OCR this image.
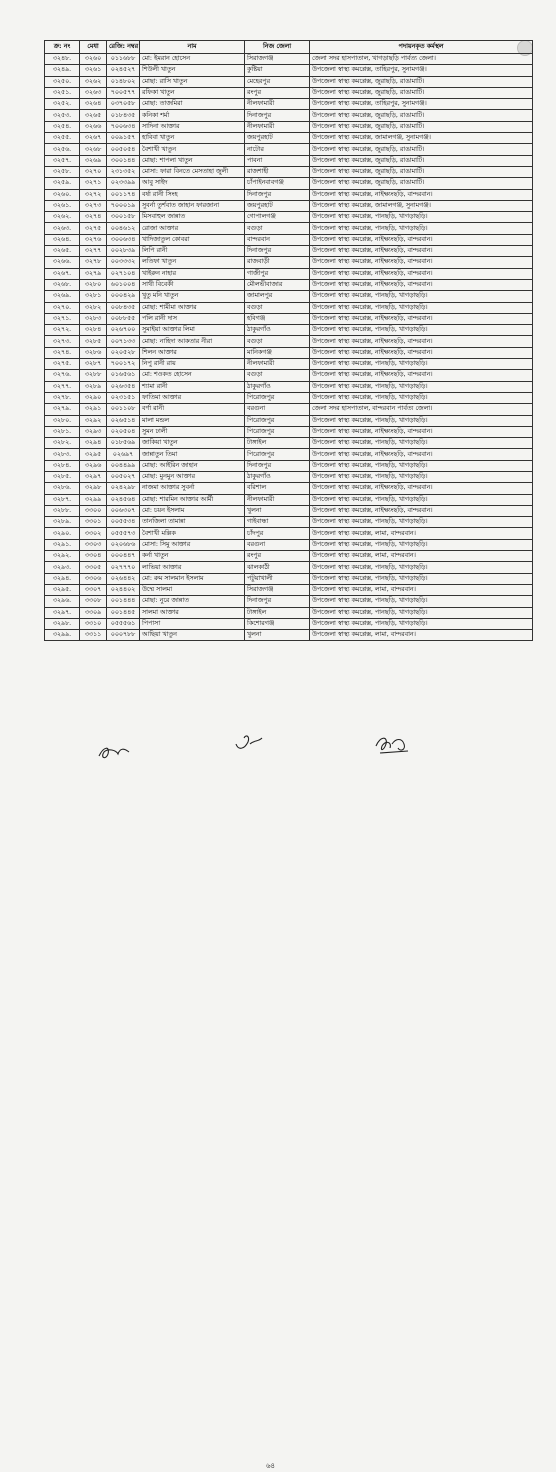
ক্র: নং	মেধা	রেজি: নম্বর	নাম	নিজ জেলা	পদায়নকৃত কর্মস্থল
৩২৪৮.	৩২৬০	০১১৬৮৮	মো: ইমরান হোসেন	সিরাজগঞ্জ	জেলা সদর হাসপাতাল, খাগড়াছড়ি পার্বত্য জেলা।
৩২৪৯.	৩২৬১	০২৪৫২৭	শিউলী খাতুন	কুষ্টিয়া	উপজেলা স্বাস্থ্য কমপ্লেক্স, তাহিরপুর, সুনামগঞ্জ।
৩২৫০.	৩২৬২	০১৪৮০২	মোছা: রাসি খাতুন	মেহেরপুর	উপজেলা স্বাস্থ্য কমপ্লেক্স, জুরাছড়ি, রাঙামাটি।
৩২৫১.	৩২৬৩	৭০০৫৭৭	রফিকা খাতুন	রংপুর	উপজেলা স্বাস্থ্য কমপ্লেক্স, জুরাছড়ি, রাঙামাটি।
৩২৫২.	৩২৬৪	০৩৭০৫৮	মোছা: তাজমিরা	নীলফামারী	উপজেলা স্বাস্থ্য কমপ্লেক্স, তাহিরপুর, সুনামগঞ্জ।
৩২৫৩.	৩২৬৫	০১৮৪৩৫	কনিকা শর্মা	দিনাজপুর	উপজেলা স্বাস্থ্য কমপ্লেক্স, জুরাছড়ি, রাঙামাটি।
৩২৫৪.	৩২৬৬	৭০০৬৩৪	সাদিনা আক্তার	নীলফামারী	উপজেলা স্বাস্থ্য কমপ্লেক্স, জুরাছড়ি, রাঙামাটি।
৩২৫৫.	৩২৬৭	০০৯১৫৭	হাবিবা খাতুন	জয়পুরহাট	উপজেলা স্বাস্থ্য কমপ্লেক্স, জামালগঞ্জ, সুনামগঞ্জ।
৩২৫৬.	৩২৬৮	০০৫০৫৪	বৈশাখী খাতুন	নাটোর	উপজেলা স্বাস্থ্য কমপ্লেক্স, জুরাছড়ি, রাঙামাটি।
৩২৫৭.	৩২৬৯	৩০০১৪৪	মোছা: শাপলা খাতুন	পাবনা	উপজেলা স্বাস্থ্য কমপ্লেক্স, জুরাছড়ি, রাঙামাটি।
৩২৫৮.	৩২৭০	২৩১৩৫২	মোসা: ফারা বিনতে মেসতাহা জুলী	রাজশাহী	উপজেলা স্বাস্থ্য কমপ্লেক্স, জুরাছড়ি, রাঙামাটি।
৩২৫৯.	৩২৭১	০২৩৩৯৯	আবু সাইদ	চাঁপাইনবাবগঞ্জ	উপজেলা স্বাস্থ্য কমপ্লেক্স, জুরাছড়ি, রাঙামাটি।
৩২৬০.	৩২৭২	০০১১৭৪	বর্ষা রানী সিংহ	দিনাজপুর	উপজেলা স্বাস্থ্য কমপ্লেক্স, নাইক্ষ্যংছড়ি, বান্দরবান।
৩২৬১.	৩২৭৩	৭০০০১৯	সুবর্না তুর্শবাত জাহান ফারজানা	জয়পুরহাট	উপজেলা স্বাস্থ্য কমপ্লেক্স, জামালগঞ্জ, সুনামগঞ্জ।
৩২৬২.	৩২৭৪	৩০০১৫৮	মিসবাহুল জান্নাত	গোপালগঞ্জ	উপজেলা স্বাস্থ্য কমপ্লেক্স, পানছড়ি, খাগড়াছড়ি।
৩২৬৩.	৩২৭৫	০০৪৬১২	রোজা আক্তার	বগুড়া	উপজেলা স্বাস্থ্য কমপ্লেক্স, পানছড়ি, খাগড়াছড়ি।
৩২৬৪.	৩২৭৬	৩০০৬৩৪	খাদিজাতুল কোবরা	বান্দরবান	উপজেলা স্বাস্থ্য কমপ্লেক্স, নাইক্ষ্যংছড়ি, বান্দরবান।
৩২৬৫.	৩২৭৭	০০২৮৩৯	লিপি রানী	দিনাজপুর	উপজেলা স্বাস্থ্য কমপ্লেক্স, নাইক্ষ্যংছড়ি, বান্দরবান।
৩২৬৬.	৩২৭৮	০০৩৩৩২	লতিফা খাতুন	রাজবাড়ী	উপজেলা স্বাস্থ্য কমপ্লেক্স, নাইক্ষ্যংছড়ি, বান্দরবান।
৩২৬৭.	৩২৭৯	০২৭১০৪	খাইরুন নাহার	গাজীপুর	উপজেলা স্বাস্থ্য কমপ্লেক্স, নাইক্ষ্যংছড়ি, বান্দরবান।
৩২৬৮.	৩২৮০	৬০১০০৪	সাথী বিবেকী	মৌলভীবাজার	উপজেলা স্বাস্থ্য কমপ্লেক্স, নাইক্ষ্যংছড়ি, বান্দরবান।
৩২৬৯.	৩২৮১	০০০৪২৯	খুতু মনি খাতুন	জামালপুর	উপজেলা স্বাস্থ্য কমপ্লেক্স, পানছড়ি, খাগড়াছড়ি।
৩২৭০.	৩২৮২	০০৮৪৩৫	মোছা: শামীমা আক্তার	বগুড়া	উপজেলা স্বাস্থ্য কমপ্লেক্স, পানছড়ি, খাগড়াছড়ি।
৩২৭১.	৩২৮৩	০০৮৮৫৫	পলি রানী দাস	হবিগঞ্জ	উপজেলা স্বাস্থ্য কমপ্লেক্স, নাইক্ষ্যংছড়ি, বান্দরবান।
৩২৭২.	৩২৮৪	০২৬৭০০	সুমাইয়া আক্তার লিমা	ঠাকুরগাঁও	উপজেলা স্বাস্থ্য কমপ্লেক্স, পানছড়ি, খাগড়াছড়ি।
৩২৭৩.	৩২৮৫	০০৭১৩৩	মোছা: নাহিদা আকতার নীরা	বগুড়া	উপজেলা স্বাস্থ্য কমপ্লেক্স, নাইক্ষ্যংছড়ি, বান্দরবান।
৩২৭৪.	৩২৮৬	০২০৫২৮	শিলন আক্তার	মানিকগঞ্জ	উপজেলা স্বাস্থ্য কমপ্লেক্স, নাইক্ষ্যংছড়ি, বান্দরবান।
৩২৭৫.	৩২৮৭	৭০০১৭২	নিপু রানী রায়	নীলফামারী	উপজেলা স্বাস্থ্য কমপ্লেক্স, পানছড়ি, খাগড়াছড়ি।
৩২৭৬.	৩২৮৮	০১৬৫৬১	মো: শওকত হোসেন	বগুড়া	উপজেলা স্বাস্থ্য কমপ্লেক্স, নাইক্ষ্যংছড়ি, বান্দরবান।
৩২৭৭.	৩২৮৯	০২৬৩৫৪	শ্যামা রানী	ঠাকুরগাঁও	উপজেলা স্বাস্থ্য কমপ্লেক্স, পানছড়ি, খাগড়াছড়ি।
৩২৭৮.	৩২৯০	০২৩১৫১	ফাতিমা আক্তার	পিরোজপুর	উপজেলা স্বাস্থ্য কমপ্লেক্স, পানছড়ি, খাগড়াছড়ি।
৩২৭৯.	৩২৯১	০০১১০৮	বর্ণা রানী	বরগুনা	জেলা সদর হাসপাতাল, বান্দরবান পার্বত্য জেলা।
৩২৮০.	৩২৯২	০২৬৫১৪	মালা মন্ডল	পিরোজপুর	উপজেলা স্বাস্থ্য কমপ্লেক্স, পানছড়ি, খাগড়াছড়ি।
৩২৮১.	৩২৯৩	০২০৫০৪	সুমন ঢালী	পিরোজপুর	উপজেলা স্বাস্থ্য কমপ্লেক্স, নাইক্ষ্যংছড়ি, বান্দরবান।
৩২৮২.	৩২৯৪	০১৮৫৬৯	জাকিয়া খাতুন	টাঙ্গাইল	উপজেলা স্বাস্থ্য কমপ্লেক্স, পানছড়ি, খাগড়াছড়ি।
৩২৮৩.	৩২৯৫	০২৬৯৭	জান্নাতুন তিমা	পিরোজপুর	উপজেলা স্বাস্থ্য কমপ্লেক্স, নাইক্ষ্যংছড়ি, বান্দরবান।
৩২৮৪.	৩২৯৬	০০৪৪৯৯	মোছা: আইরিন জাহান	দিনাজপুর	উপজেলা স্বাস্থ্য কমপ্লেক্স, পানছড়ি, খাগড়াছড়ি।
৩২৮৫.	৩২৯৭	০০৫০২৭	মোছা: মুনমুন আক্তার	ঠাকুরগাঁও	উপজেলা স্বাস্থ্য কমপ্লেক্স, পানছড়ি, খাগড়াছড়ি।
৩২৮৬.	৩২৯৮	০২৪২৯৮	নাজমা আক্তার সুবর্না	বরিশাল	উপজেলা স্বাস্থ্য কমপ্লেক্স, নাইক্ষ্যংছড়ি, বান্দরবান।
৩২৮৭.	৩২৯৯	০২৪৫৬৪	মোছা: শারমিন আক্তার আর্মী	নীলফামারী	উপজেলা স্বাস্থ্য কমপ্লেক্স, পানছড়ি, খাগড়াছড়ি।
৩২৮৮.	৩৩০০	০০৬৩০৭	মো: চয়ন ইসলাম	খুলনা	উপজেলা স্বাস্থ্য কমপ্লেক্স, নাইক্ষ্যংছড়ি, বান্দরবান।
৩২৮৯.	৩৩০১	০০৫৫৩৪	তানজিলা তামান্না	গাইবান্ধা	উপজেলা স্বাস্থ্য কমপ্লেক্স, পানছড়ি, খাগড়াছড়ি।
৩২৯০.	৩৩০২	০৫৫৫৭৩	বৈশাখী মল্লিক	চাঁদপুর	উপজেলা স্বাস্থ্য কমপ্লেক্স, লামা, বান্দরবান।
৩২৯১.	৩৩০৩	০২০৬৮৬	মোসা: সিমু আক্তার	বরগুনা	উপজেলা স্বাস্থ্য কমপ্লেক্স, পানছড়ি, খাগড়াছড়ি।
৩২৯২.	৩৩০৪	০০০৪৪৭	কর্না খাতুন	রংপুর	উপজেলা স্বাস্থ্য কমপ্লেক্স, লামা, বান্দরবান।
৩২৯৩.	৩৩০৫	০২৭৭৭০	লাভিয়া আক্তার	ঝালকাঠী	উপজেলা স্বাস্থ্য কমপ্লেক্স, পানছড়ি, খাগড়াছড়ি।
৩২৯৪.	৩৩০৬	০২৬৪৪২	মো: রুম সালমান ইসলাম	পটুয়াখালী	উপজেলা স্বাস্থ্য কমপ্লেক্স, পানছড়ি, খাগড়াছড়ি।
৩২৯৫.	৩৩০৭	০২৪৪০২	উম্মে সালমা	সিরাজগঞ্জ	উপজেলা স্বাস্থ্য কমপ্লেক্স, লামা, বান্দরবান।
৩২৯৬.	৩৩০৮	০০১৪৪৪	মোছা: নুরে জান্নাত	দিনাজপুর	উপজেলা স্বাস্থ্য কমপ্লেক্স, পানছড়ি, খাগড়াছড়ি।
৩২৯৭.	৩৩০৯	০০১৪৪৫	সালমা আক্তার	টাঙ্গাইল	উপজেলা স্বাস্থ্য কমপ্লেক্স, পানছড়ি, খাগড়াছড়ি।
৩২৯৮.	৩৩১০	০৫৫৫৬১	পিপাসা	কিশোরগঞ্জ	উপজেলা স্বাস্থ্য কমপ্লেক্স, পানছড়ি, খাগড়াছড়ি।
৩২৯৯.	৩৩১১	০০০৭৮৮	আছিয়া খাতুন	খুলনা	উপজেলা স্বাস্থ্য কমপ্লেক্স, লামা, বান্দরবান।
৬৪
